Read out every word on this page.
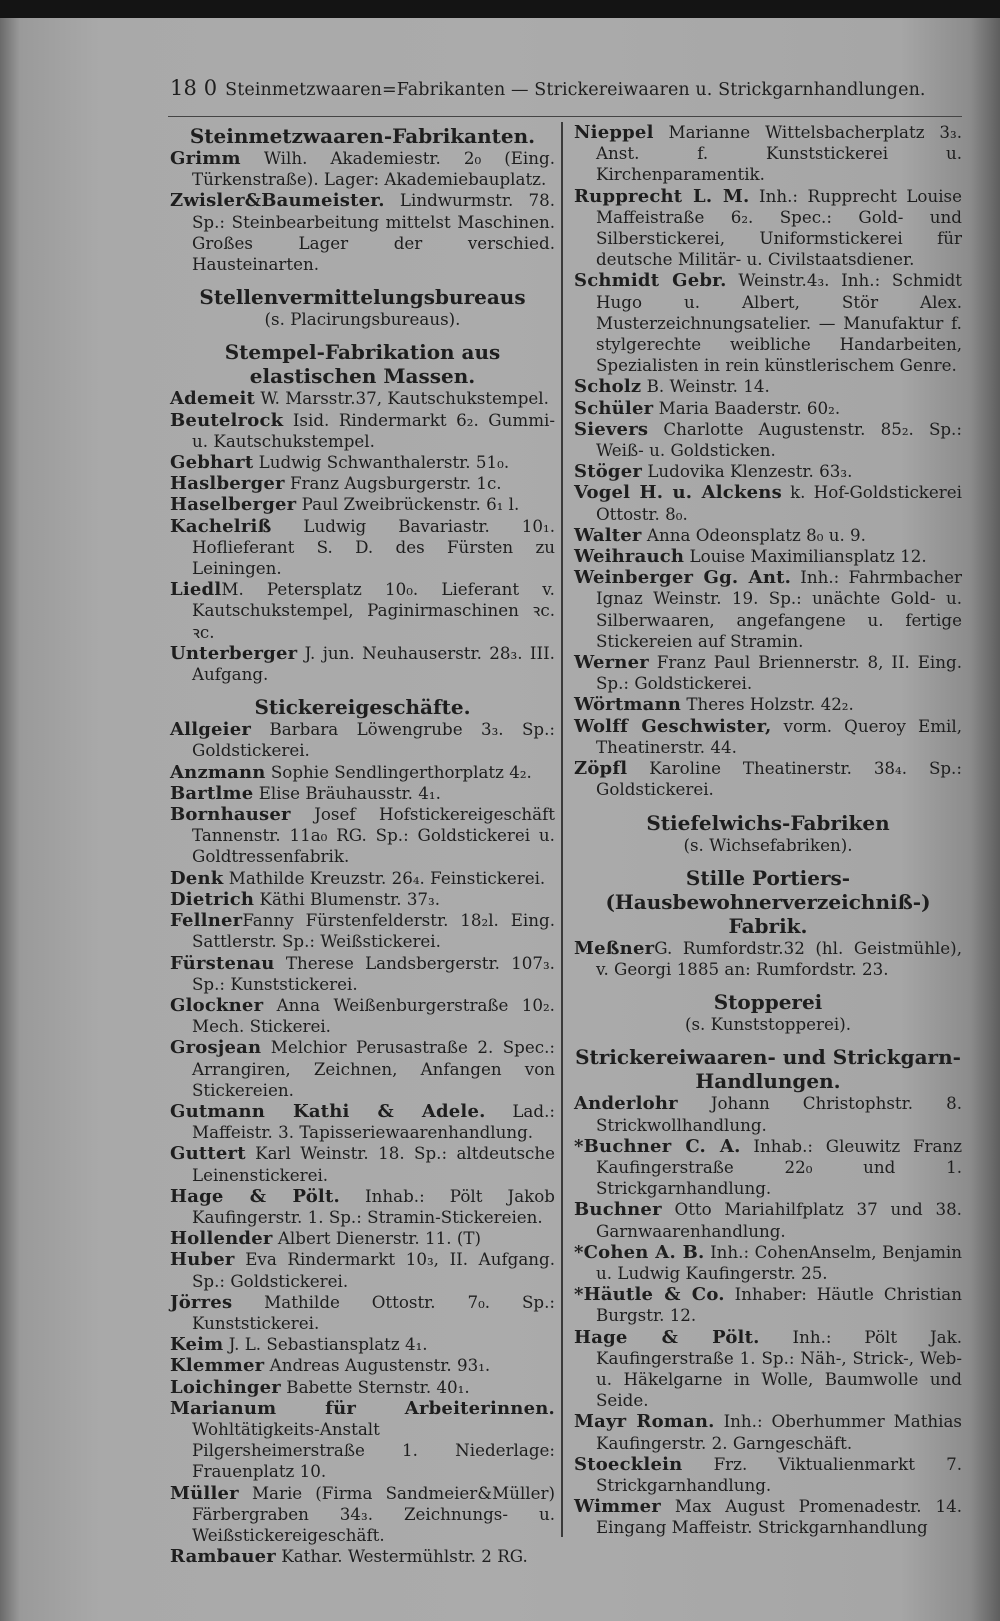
18 0 Steinmetzwaaren=Fabrikanten — Strickereiwaaren u. Strickgarnhandlungen.
Steinmetzwaaren-Fabrikanten.

Grimm Wilh. Akademiestr. 2₀ (Eing. Türkenstraße). Lager: Akademiebauplatz.

Zwisler&Baumeister. Lindwurmstr. 78. Sp.: Steinbearbeitung mittelst Maschinen. Großes Lager der verschied. Hausteinarten.

Stellenvermittelungsbureaus
(s. Placirungsbureaus).
Stempel-Fabrikation aus elastischen Massen.

Ademeit W. Marsstr.37, Kautschukstempel.

Beutelrock Isid. Rindermarkt 6₂. Gummi- u. Kautschukstempel.

Gebhart Ludwig Schwanthalerstr. 51₀.

Haslberger Franz Augsburgerstr. 1c.

Haselberger Paul Zweibrückenstr. 6₁ l.

Kachelriß Ludwig Bavariastr. 10₁. Hoflieferant S. D. des Fürsten zu Leiningen.

LiedlM. Petersplatz 10₀. Lieferant v. Kautschukstempel, Paginirmaschinen ꝛc. ꝛc.

Unterberger J. jun. Neuhauserstr. 28₃. III. Aufgang.

Stickereigeschäfte.

Allgeier Barbara Löwengrube 3₃. Sp.: Goldstickerei.

Anzmann Sophie Sendlingerthorplatz 4₂.

Bartlme Elise Bräuhausstr. 4₁.

Bornhauser Josef Hofstickereigeschäft Tannenstr. 11a₀ RG. Sp.: Goldstickerei u. Goldtressenfabrik.

Denk Mathilde Kreuzstr. 26₄. Feinstickerei.

Dietrich Käthi Blumenstr. 37₃.

FellnerFanny Fürstenfelderstr. 18₂l. Eing. Sattlerstr. Sp.: Weißstickerei.

Fürstenau Therese Landsbergerstr. 107₃. Sp.: Kunststickerei.

Glockner Anna Weißenburgerstraße 10₂. Mech. Stickerei.

Grosjean Melchior Perusastraße 2. Spec.: Arrangiren, Zeichnen, Anfangen von Stickereien.

Gutmann Kathi & Adele. Lad.: Maffeistr. 3. Tapisseriewaarenhandlung.

Guttert Karl Weinstr. 18. Sp.: altdeutsche Leinenstickerei.

Hage & Pölt. Inhab.: Pölt Jakob Kaufingerstr. 1. Sp.: Stramin-Stickereien.

Hollender Albert Dienerstr. 11. (T)

Huber Eva Rindermarkt 10₃, II. Aufgang. Sp.: Goldstickerei.

Jörres Mathilde Ottostr. 7₀. Sp.: Kunststickerei.

Keim J. L. Sebastiansplatz 4₁.

Klemmer Andreas Augustenstr. 93₁.

Loichinger Babette Sternstr. 40₁.

Marianum für Arbeiterinnen. Wohltätigkeits-Anstalt Pilgersheimerstraße 1. Niederlage: Frauenplatz 10.

Müller Marie (Firma Sandmeier&Müller) Färbergraben 34₃. Zeichnungs- u. Weißstickereigeschäft.

Rambauer Kathar. Westermühlstr. 2 RG.

Nieppel Marianne Wittelsbacherplatz 3₃. Anst. f. Kunststickerei u. Kirchenparamentik.

Rupprecht L. M. Inh.: Rupprecht Louise Maffeistraße 6₂. Spec.: Gold- und Silberstickerei, Uniformstickerei für deutsche Militär- u. Civilstaatsdiener.

Schmidt Gebr. Weinstr.4₃. Inh.: Schmidt Hugo u. Albert, Stör Alex. Musterzeichnungsatelier. — Manufaktur f. stylgerechte weibliche Handarbeiten, Spezialisten in rein künstlerischem Genre.

Scholz B. Weinstr. 14.

Schüler Maria Baaderstr. 60₂.

Sievers Charlotte Augustenstr. 85₂. Sp.: Weiß- u. Goldsticken.

Stöger Ludovika Klenzestr. 63₃.

Vogel H. u. Alckens k. Hof-Goldstickerei Ottostr. 8₀.

Walter Anna Odeonsplatz 8₀ u. 9.

Weihrauch Louise Maximiliansplatz 12.

Weinberger Gg. Ant. Inh.: Fahrmbacher Ignaz Weinstr. 19. Sp.: unächte Gold- u. Silberwaaren, angefangene u. fertige Stickereien auf Stramin.

Werner Franz Paul Briennerstr. 8, II. Eing. Sp.: Goldstickerei.

Wörtmann Theres Holzstr. 42₂.

Wolff Geschwister, vorm. Queroy Emil, Theatinerstr. 44.

Zöpfl Karoline Theatinerstr. 38₄. Sp.: Goldstickerei.

Stiefelwichs-Fabriken
(s. Wichsefabriken).
Stille Portiers- (Hausbewohnerverzeichniß-) Fabrik.

MeßnerG. Rumfordstr.32 (hl. Geistmühle), v. Georgi 1885 an: Rumfordstr. 23.

Stopperei
(s. Kunststopperei).
Strickereiwaaren- und Strickgarn-Handlungen.

Anderlohr Johann Christophstr. 8. Strickwollhandlung.

*Buchner C. A. Inhab.: Gleuwitz Franz Kaufingerstraße 22₀ und 1. Strickgarnhandlung.

Buchner Otto Mariahilfplatz 37 und 38. Garnwaarenhandlung.

*Cohen A. B. Inh.: CohenAnselm, Benjamin u. Ludwig Kaufingerstr. 25.

*Häutle & Co. Inhaber: Häutle Christian Burgstr. 12.

Hage & Pölt. Inh.: Pölt Jak. Kaufingerstraße 1. Sp.: Näh-, Strick-, Web- u. Häkelgarne in Wolle, Baumwolle und Seide.

Mayr Roman. Inh.: Oberhummer Mathias Kaufingerstr. 2. Garngeschäft.

Stoecklein Frz. Viktualienmarkt 7. Strickgarnhandlung.

Wimmer Max August Promenadestr. 14. Eingang Maffeistr. Strickgarnhandlung
